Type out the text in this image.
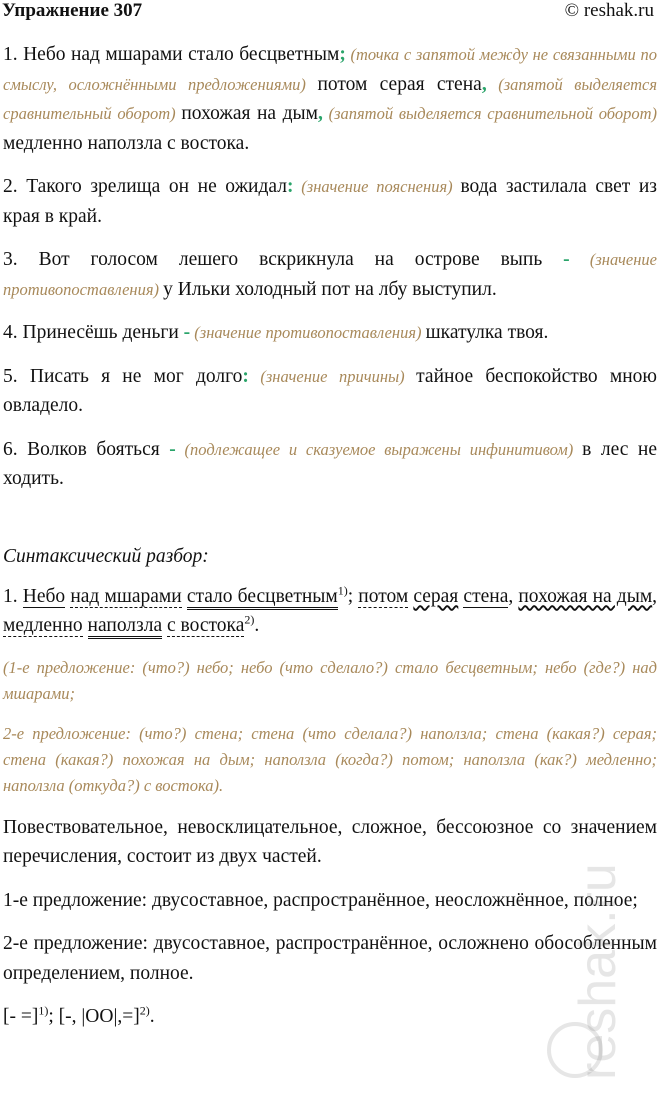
Упражнение 307	© reshak.ru

1. Небо над мшарами стало бесцветным; (точка с запятой между не связанными по смыслу, осложнёнными предложениями) потом серая стена, (запятой выделяется сравнительный оборот) похожая на дым, (запятой выделяется сравнительной оборот) медленно наползла с востока.

2. Такого зрелища он не ожидал: (значение пояснения) вода застилала свет из края в край.

3. Вот голосом лешего вскрикнула на острове выпь - (значение противопоставления) у Ильки холодный пот на лбу выступил.

4. Принесёшь деньги - (значение противопоставления) шкатулка твоя.

5. Писать я не мог долго: (значение причины) тайное беспокойство мною овладело.

6. Волков бояться - (подлежащее и сказуемое выражены инфинитивом) в лес не ходить.

Синтаксический разбор:

1. Небо над мшарами стало бесцветным$^{1)}$; потом серая стена, похожая на дым, медленно наползла с востока$^{2)}$.

(1-е предложение: (что?) небо; небо (что сделало?) стало бесцветным; небо (где?) над мшарами;

2-е предложение: (что?) стена; стена (что сделала?) наползла; стена (какая?) серая; стена (какая?) похожая на дым; наползла (когда?) потом; наползла (как?) медленно; наползла (откуда?) с востока).

Повествовательное, невосклицательное, сложное, бессоюзное со значением перечисления, состоит из двух частей.

1-е предложение: двусоставное, распространённое, неосложнённое, полное;

2-е предложение: двусоставное, распространённое, осложнено обособленным определением, полное.

[- =]$^{1)}$; [-, |OO|,=]$^{2)}$.	reshak.ru
